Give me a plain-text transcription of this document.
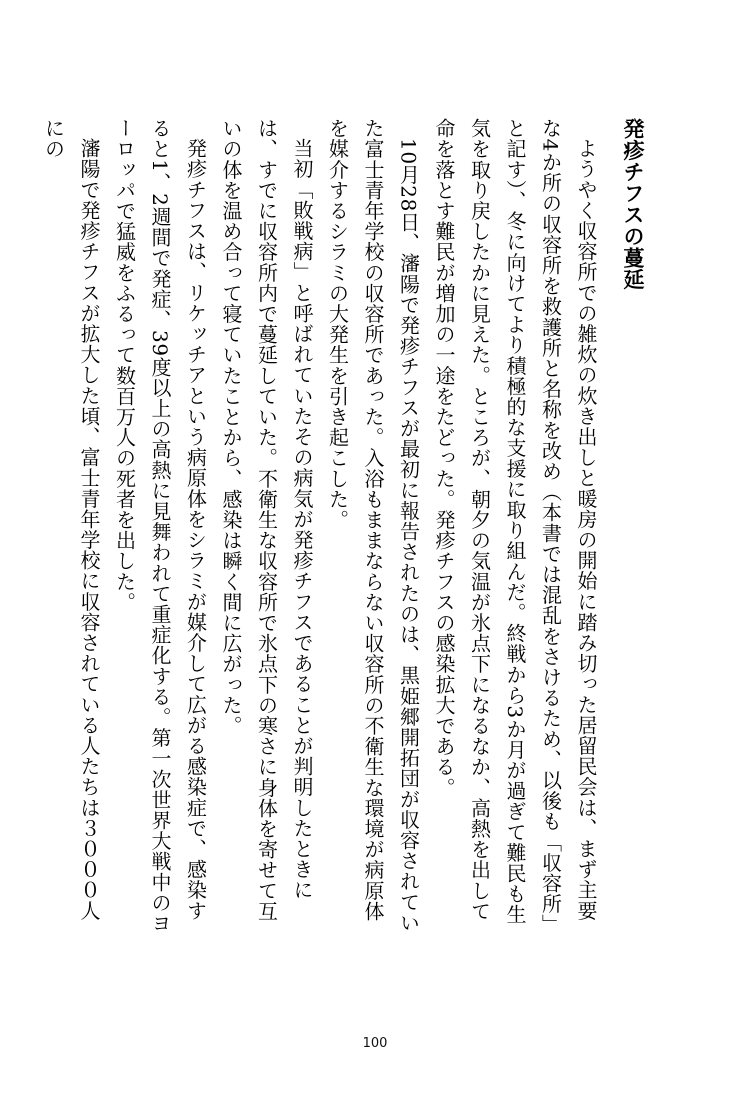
発疹チフスの蔓延

ようやく収容所での雑炊の炊き出しと暖房の開始に踏み切った居留民会は、まず主要な4か所の収容所を救護所と名称を改め（本書では混乱をさけるため、以後も「収容所」と記す）、冬に向けてより積極的な支援に取り組んだ。終戦から3か月が過ぎて難民も生気を取り戻したかに見えた。ところが、朝夕の気温が氷点下になるなか、高熱を出して命を落とす難民が増加の一途をたどった。発疹チフスの感染拡大である。

10月28日、瀋陽で発疹チフスが最初に報告されたのは、黒姫郷開拓団が収容されていた富士青年学校の収容所であった。入浴もままならない収容所の不衛生な環境が病原体を媒介するシラミの大発生を引き起こした。

当初「敗戦病」と呼ばれていたその病気が発疹チフスであることが判明したときには、すでに収容所内で蔓延していた。不衛生な収容所で氷点下の寒さに身体を寄せて互いの体を温め合って寝ていたことから、感染は瞬く間に広がった。

発疹チフスは、リケッチアという病原体をシラミが媒介して広がる感染症で、感染すると1、2週間で発症、39度以上の高熱に見舞われて重症化する。第一次世界大戦中のヨーロッパで猛威をふるって数百万人の死者を出した。

瀋陽で発疹チフスが拡大した頃、富士青年学校に収容されている人たちは３０００人にの

100
